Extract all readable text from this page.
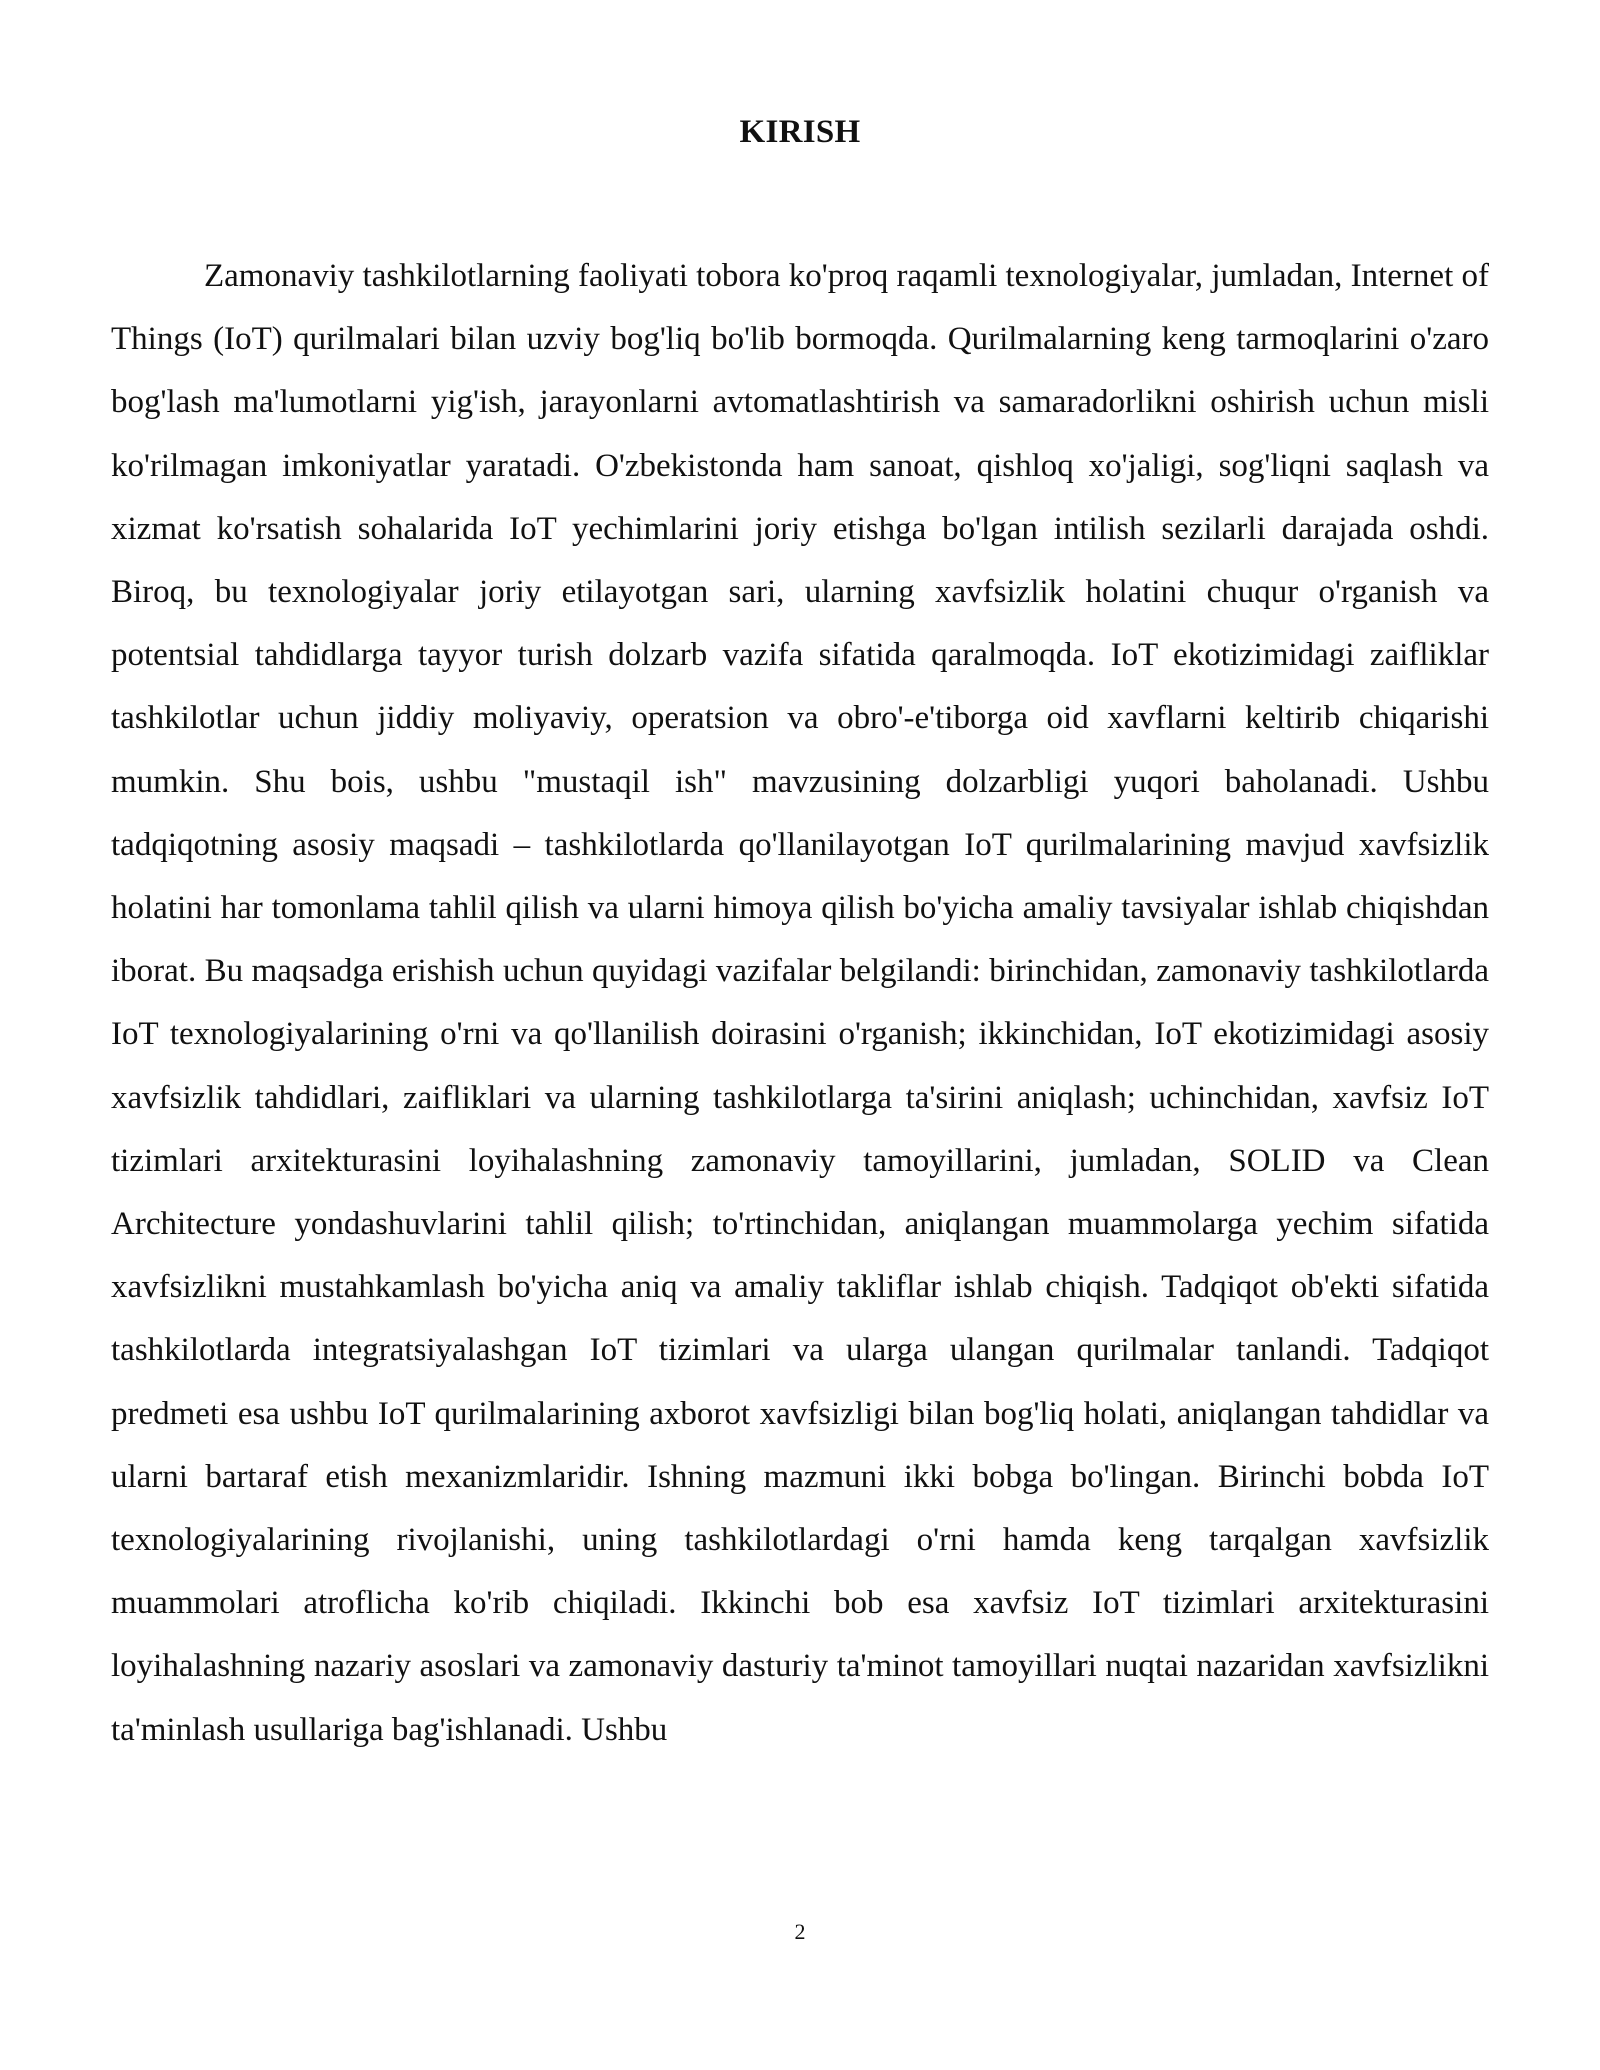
KIRISH

Zamonaviy tashkilotlarning faoliyati tobora ko'proq raqamli texnologiyalar, jumladan, Internet of Things (IoT) qurilmalari bilan uzviy bog'liq bo'lib bormoqda. Qurilmalarning keng tarmoqlarini o'zaro bog'lash ma'lumotlarni yig'ish, jarayonlarni avtomatlashtirish va samaradorlikni oshirish uchun misli ko'rilmagan imkoniyatlar yaratadi. O'zbekistonda ham sanoat, qishloq xo'jaligi, sog'liqni saqlash va xizmat ko'rsatish sohalarida IoT yechimlarini joriy etishga bo'lgan intilish sezilarli darajada oshdi. Biroq, bu texnologiyalar joriy etilayotgan sari, ularning xavfsizlik holatini chuqur o'rganish va potentsial tahdidlarga tayyor turish dolzarb vazifa sifatida qaralmoqda. IoT ekotizimidagi zaifliklar tashkilotlar uchun jiddiy moliyaviy, operatsion va obro'-e'tiborga oid xavflarni keltirib chiqarishi mumkin. Shu bois, ushbu "mustaqil ish" mavzusining dolzarbligi yuqori baholanadi. Ushbu tadqiqotning asosiy maqsadi – tashkilotlarda qo'llanilayotgan IoT qurilmalarining mavjud xavfsizlik holatini har tomonlama tahlil qilish va ularni himoya qilish bo'yicha amaliy tavsiyalar ishlab chiqishdan iborat. Bu maqsadga erishish uchun quyidagi vazifalar belgilandi: birinchidan, zamonaviy tashkilotlarda IoT texnologiyalarining o'rni va qo'llanilish doirasini o'rganish; ikkinchidan, IoT ekotizimidagi asosiy xavfsizlik tahdidlari, zaifliklari va ularning tashkilotlarga ta'sirini aniqlash; uchinchidan, xavfsiz IoT tizimlari arxitekturasini loyihalashning zamonaviy tamoyillarini, jumladan, SOLID va Clean Architecture yondashuvlarini tahlil qilish; to'rtinchidan, aniqlangan muammolarga yechim sifatida xavfsizlikni mustahkamlash bo'yicha aniq va amaliy takliflar ishlab chiqish. Tadqiqot ob'ekti sifatida tashkilotlarda integratsiyalashgan IoT tizimlari va ularga ulangan qurilmalar tanlandi. Tadqiqot predmeti esa ushbu IoT qurilmalarining axborot xavfsizligi bilan bog'liq holati, aniqlangan tahdidlar va ularni bartaraf etish mexanizmlaridir. Ishning mazmuni ikki bobga bo'lingan. Birinchi bobda IoT texnologiyalarining rivojlanishi, uning tashkilotlardagi o'rni hamda keng tarqalgan xavfsizlik muammolari atroflicha ko'rib chiqiladi. Ikkinchi bob esa xavfsiz IoT tizimlari arxitekturasini loyihalashning nazariy asoslari va zamonaviy dasturiy ta'minot tamoyillari nuqtai nazaridan xavfsizlikni ta'minlash usullariga bag'ishlanadi. Ushbu

2
